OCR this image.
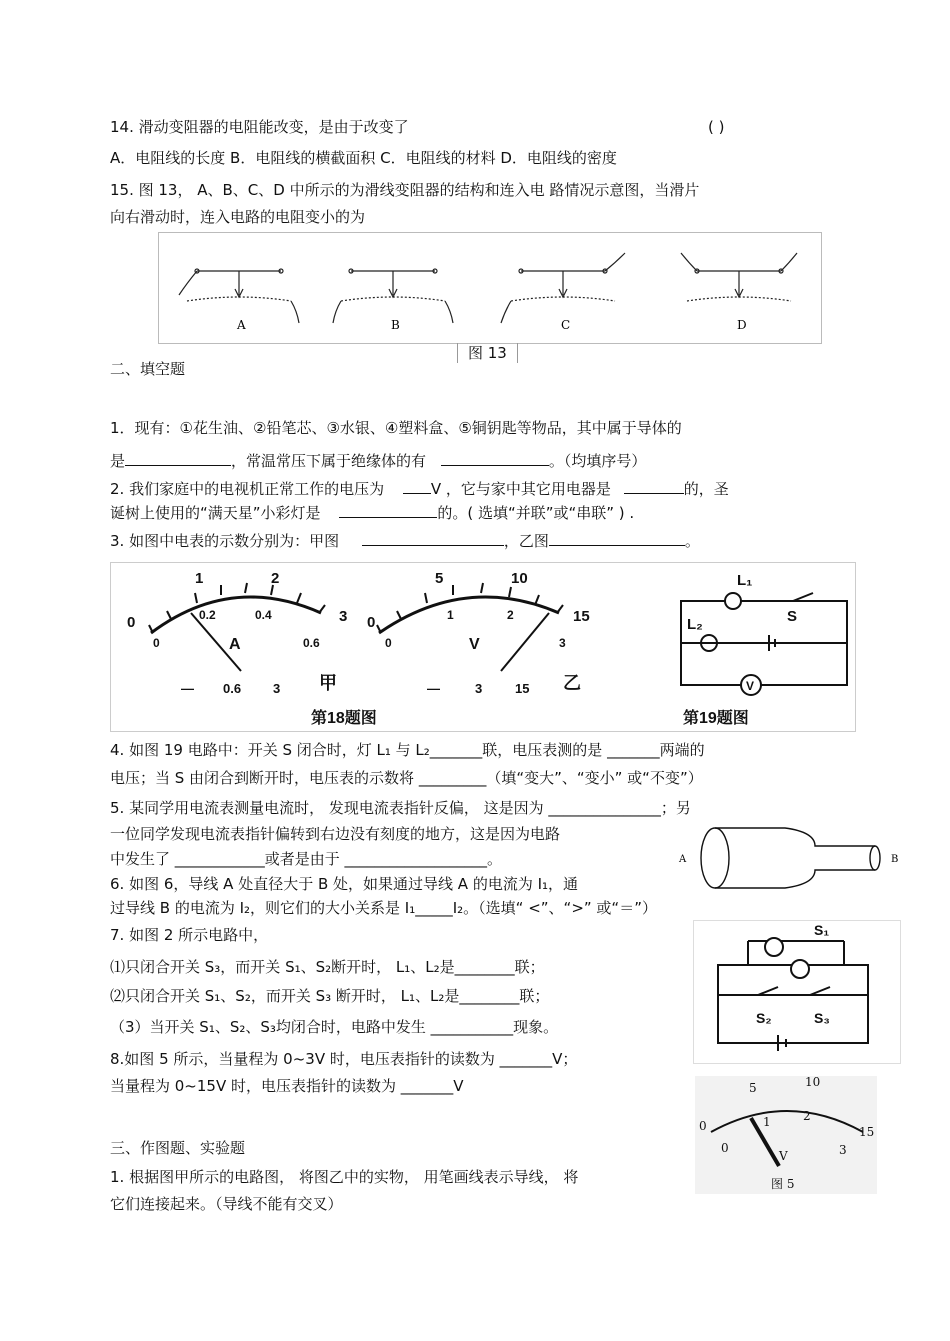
14. 滑动变阻器的电阻能改变，是由于改变了	( )
A．电阻线的长度 B．电阻线的横截面积 C．电阻线的材料 D．电阻线的密度
15. 图 13， A、B、C、D 中所示的为滑线变阻器的结构和连入电 路情况示意图，当滑片
向右滑动时，连入电路的电阻变小的为
A	B	C	D
图 13
二、填空题
1．现有：①花生油、②铅笔芯、③水银、④塑料盒、⑤铜钥匙等物品，其中属于导体的
是	，常温常压下属于绝缘体的有	。（均填序号）
2. 我们家庭中的电视机正常工作的电压为	V ，它与家中其它用电器是	的，圣
诞树上使用的“满天星”小彩灯是	的。( 选填“并联”或“串联” ) .
3. 如图中电表的示数分别为：甲图	，乙图	。
0
1	2
3
0
0.2	0.4
0.6
A
— 0.6 3 甲
0
5	10
15
0
1	2
3
V
—	3	15 乙
第18题图	第19题图
L₁
L₂	S
V
4. 如图 19 电路中：开关 S 闭合时，灯 L₁ 与 L₂_______联，电压表测的是 _______两端的
电压；当 S 由闭合到断开时，电压表的示数将 _________（填“变大”、“变小” 或“不变”）
5. 某同学用电流表测量电流时， 发现电流表指针反偏， 这是因为 _______________；另
一位同学发现电流表指针偏转到右边没有刻度的地方，这是因为电路
中发生了 ____________或者是由于 ___________________。	A	B
6. 如图 6，导线 A 处直径大于 B 处，如果通过导线 A 的电流为 I₁，通
过导线 B 的电流为 I₂，则它们的大小关系是 I₁_____I₂。（选填“ <”、“>” 或“＝”）
7. 如图 2 所示电路中，
⑴只闭合开关 S₃，而开关 S₁、S₂断开时， L₁、L₂是________联；
⑵只闭合开关 S₁、S₂，而开关 S₃ 断开时， L₁、L₂是________联；
（3）当开关 S₁、S₂、S₃均闭合时，电路中发生 ___________现象。
S₁
S₂	S₃
8.如图 5 所示，当量程为 0~3V 时，电压表指针的读数为 _______V；
当量程为 0~15V 时，电压表指针的读数为 _______V
0
5	10
15
0
1	2
3
V
图 5
三、作图题、实验题
1. 根据图甲所示的电路图， 将图乙中的实物， 用笔画线表示导线， 将
它们连接起来。（导线不能有交叉）
